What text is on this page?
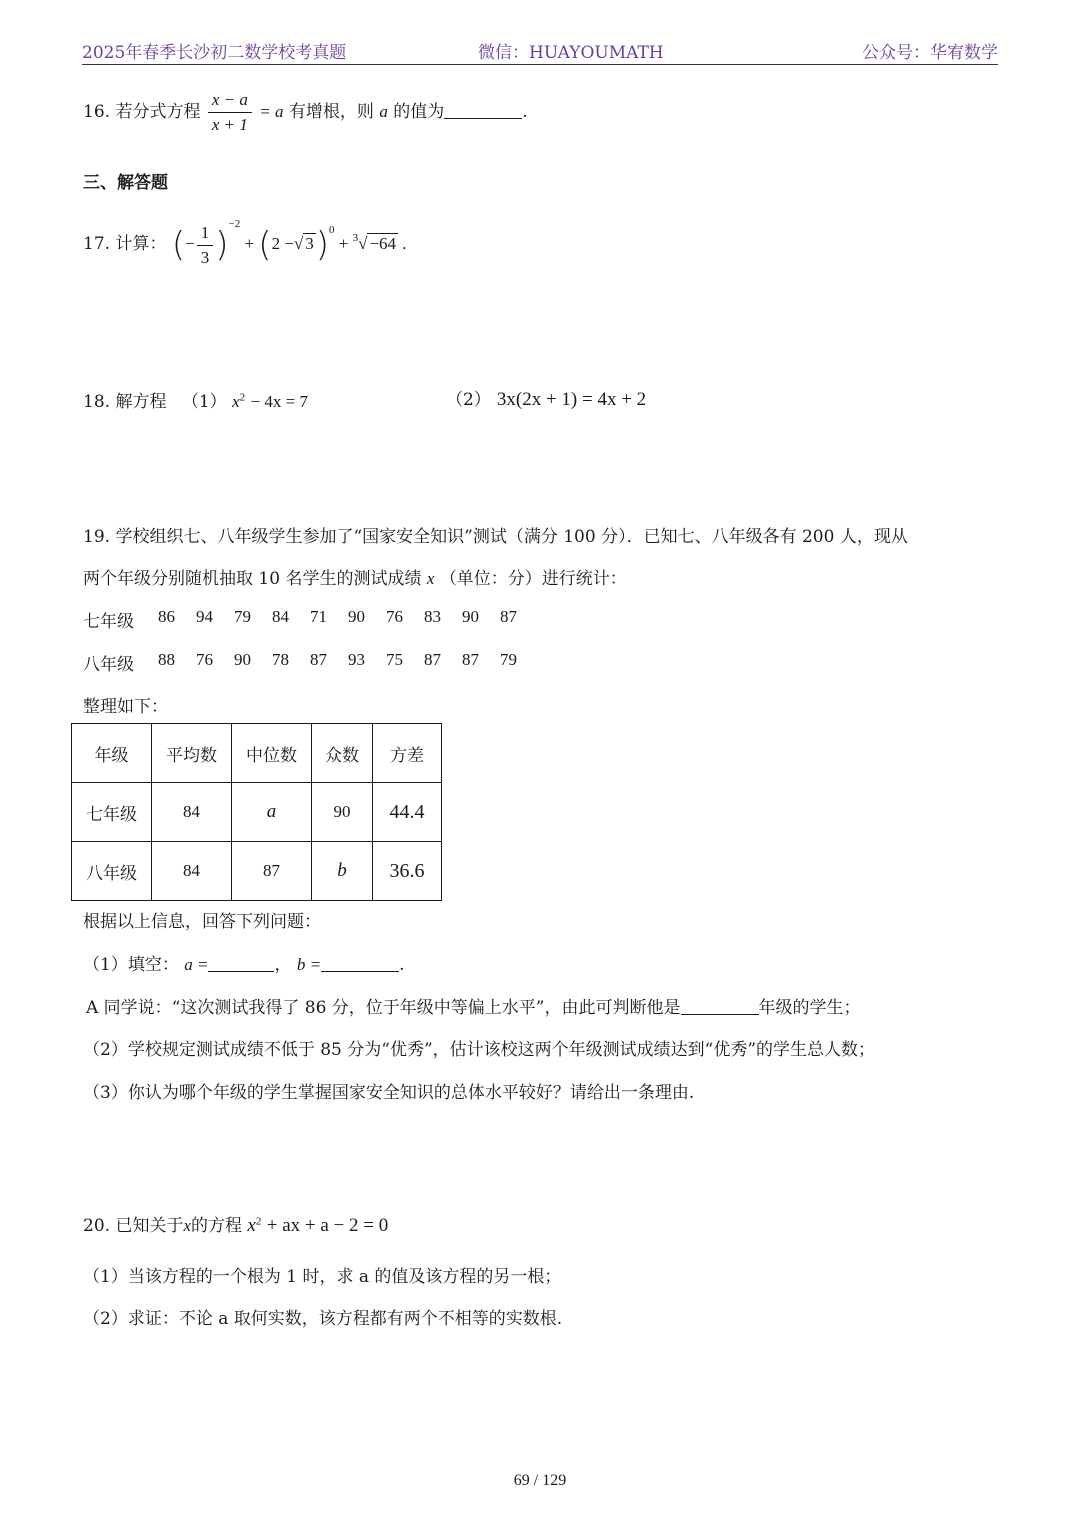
2025年春季长沙初二数学校考真题	微信：HUAYOUMATH	公众号：华宥数学
16. 若分式方程 $\frac{x - a}{x + 1} = a$ 有增根，则 a 的值为	.
三、解答题
17. 计算： (− $\frac{1}{3} )^{-2} + (2$ −√ 3)$^0$ + $^3$√ −64 .
18. 解方程 （1） $x^2 - 4x = 7$	（2） 3x(2x + 1) = 4x + 2
19. 学校组织七、八年级学生参加了“国家安全知识”测试（满分 100 分）．已知七、八年级各有 200 人，现从
两个年级分别随机抽取 10 名学生的测试成绩 x （单位：分）进行统计：
七年级 86 94 79 84 71 90 76 83 90 87
八年级 88 76 90 78 87 93 75 87 87 79
整理如下：
年级	平均数	中位数	众数	方差
七年级	84	a	90	44.4
八年级	84	87	b	36.6
根据以上信息，回答下列问题：
（1）填空： a =	， b =	.
A 同学说：“这次测试我得了 86 分，位于年级中等偏上水平”，由此可判断他是	年级的学生；
（2）学校规定测试成绩不低于 85 分为“优秀”，估计该校这两个年级测试成绩达到“优秀”的学生总人数；
（3）你认为哪个年级的学生掌握国家安全知识的总体水平较好？请给出一条理由.
20. 已知关于x的方程 $x^2$ + ax + a − 2 = 0
（1）当该方程的一个根为 1 时，求 a 的值及该方程的另一根；
（2）求证：不论 a 取何实数，该方程都有两个不相等的实数根.
69 / 129
